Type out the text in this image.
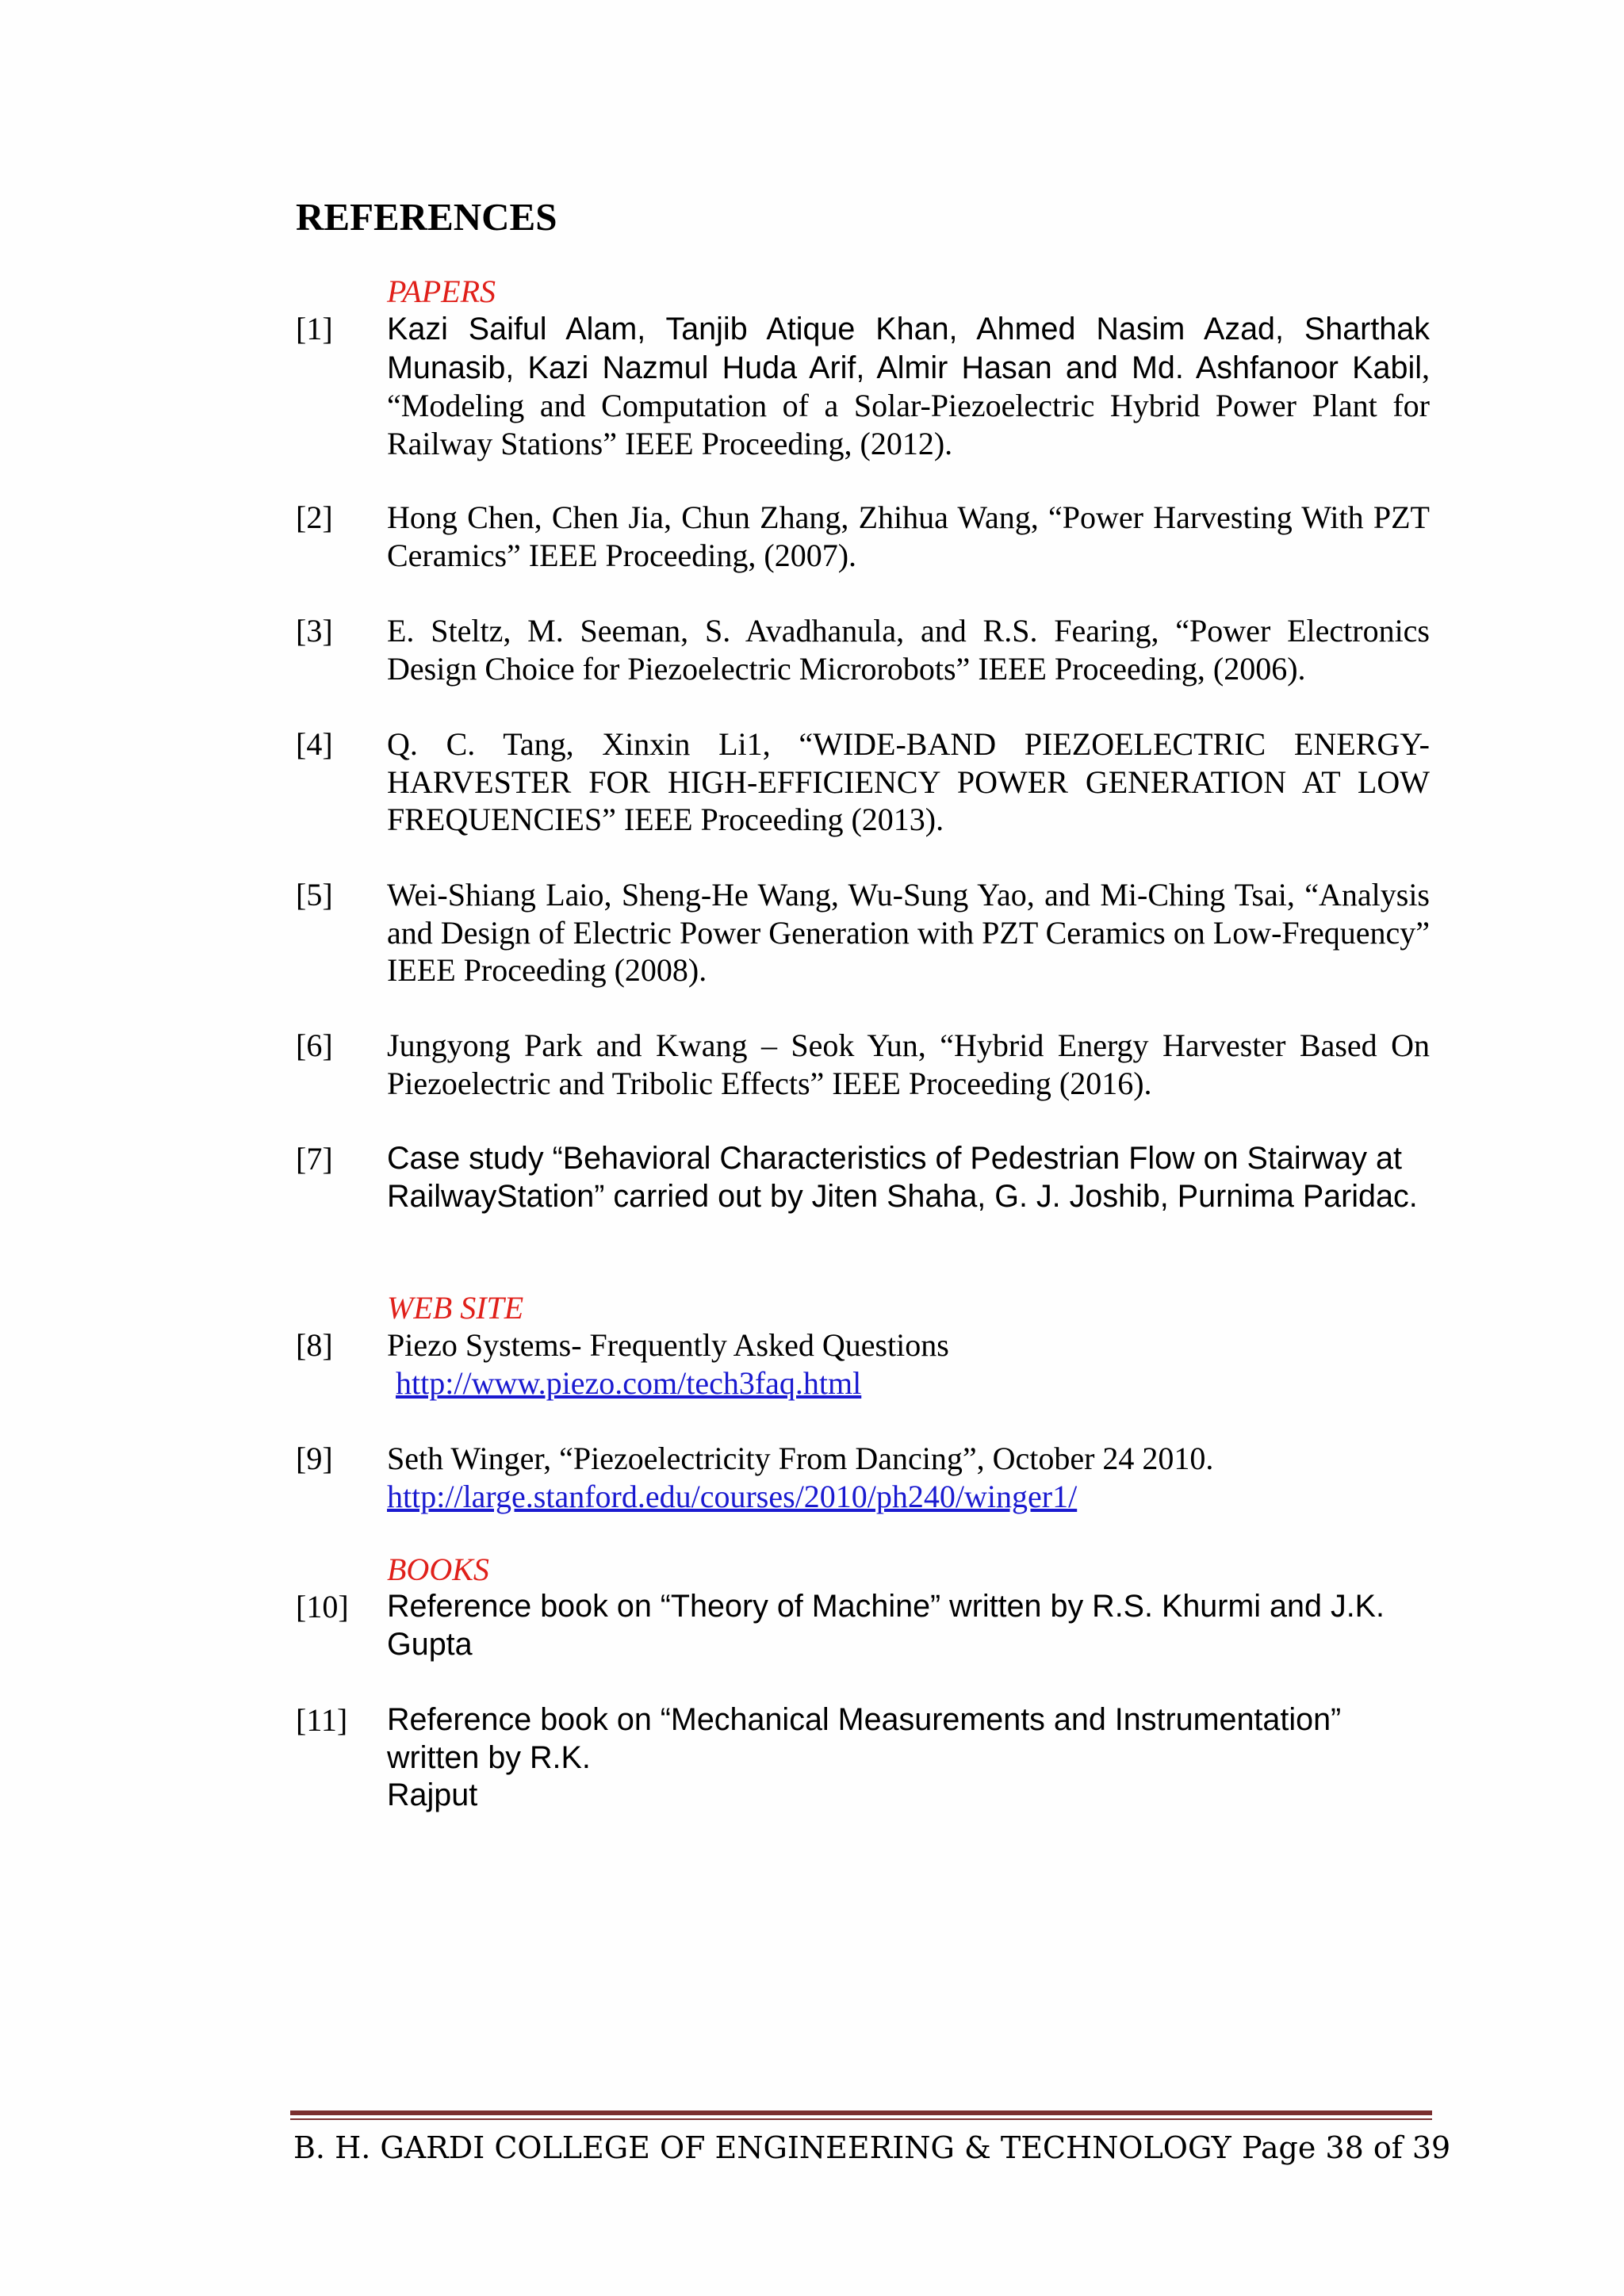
REFERENCES

PAPERS

[1] Kazi Saiful Alam, Tanjib Atique Khan, Ahmed Nasim Azad, Sharthak Munasib, Kazi Nazmul Huda Arif, Almir Hasan and Md. Ashfanoor Kabil, “Modeling and Computation of a Solar-Piezoelectric Hybrid Power Plant for Railway Stations” IEEE Proceeding, (2012).
[2] Hong Chen, Chen Jia, Chun Zhang, Zhihua Wang, “Power Harvesting With PZT Ceramics” IEEE Proceeding, (2007).
[3] E. Steltz, M. Seeman, S. Avadhanula, and R.S. Fearing, “Power Electronics Design Choice for Piezoelectric Microrobots” IEEE Proceeding, (2006).
[4] Q. C. Tang, Xinxin Li1, “WIDE-BAND PIEZOELECTRIC ENERGY-HARVESTER FOR HIGH-EFFICIENCY POWER GENERATION AT LOW FREQUENCIES” IEEE Proceeding (2013).
[5] Wei-Shiang Laio, Sheng-He Wang, Wu-Sung Yao, and Mi-Ching Tsai, “Analysis and Design of Electric Power Generation with PZT Ceramics on Low-Frequency” IEEE Proceeding (2008).
[6] Jungyong Park and Kwang – Seok Yun, “Hybrid Energy Harvester Based On Piezoelectric and Tribolic Effects” IEEE Proceeding (2016).
[7] Case study “Behavioral Characteristics of Pedestrian Flow on Stairway at RailwayStation” carried out by Jiten Shaha, G. J. Joshib, Purnima Paridac.

WEB SITE

[8] Piezo Systems- Frequently Asked Questions
http://www.piezo.com/tech3faq.html
[9] Seth Winger, “Piezoelectricity From Dancing”, October 24 2010.
http://large.stanford.edu/courses/2010/ph240/winger1/

BOOKS

[10] Reference book on “Theory of Machine” written by R.S. Khurmi and J.K. Gupta
[11] Reference book on “Mechanical Measurements and Instrumentation”
written by R.K.
Rajput
B. H. GARDI COLLEGE OF ENGINEERING & TECHNOLOGY Page 38 of 39
